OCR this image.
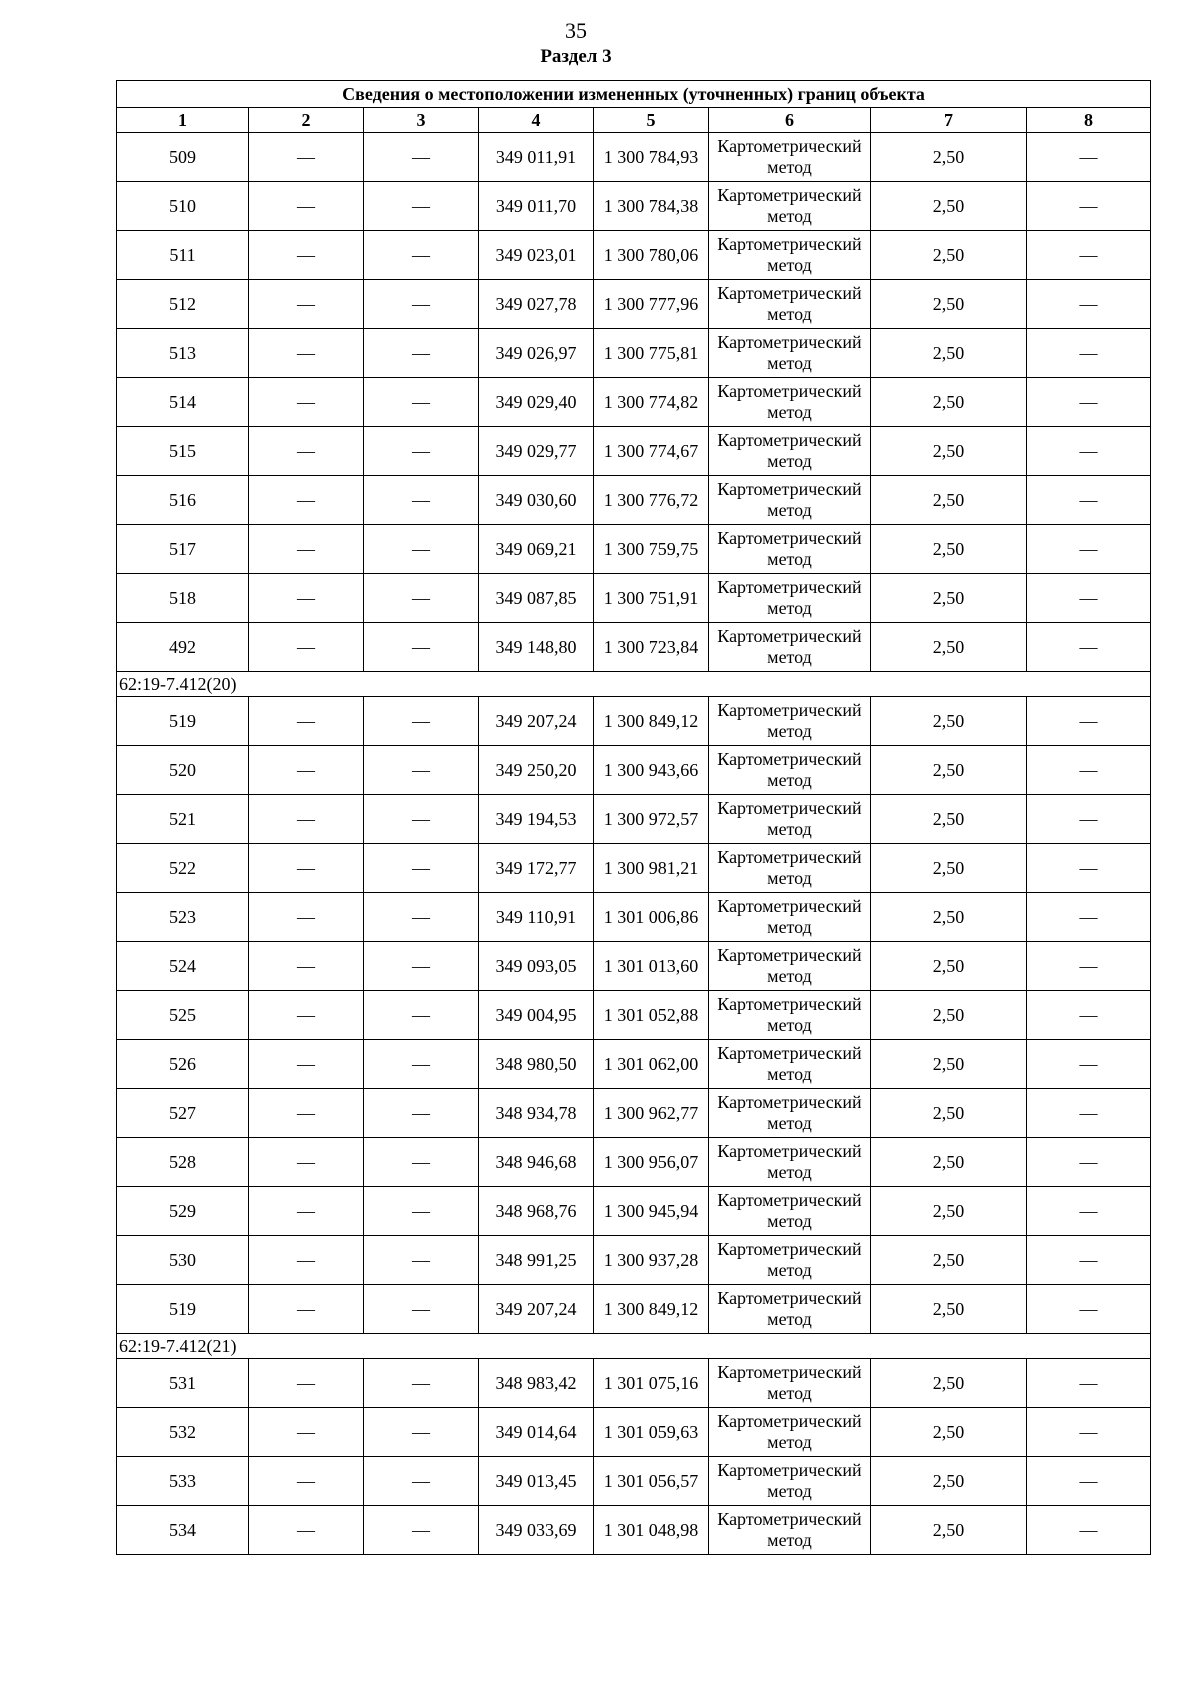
35
Раздел 3
Сведения о местоположении измененных (уточненных) границ объекта							
1	2	3	4	5	6	7	8
509	—	—	349 011,91	1 300 784,93	Картометрический метод	2,50	—
510	—	—	349 011,70	1 300 784,38	Картометрический метод	2,50	—
511	—	—	349 023,01	1 300 780,06	Картометрический метод	2,50	—
512	—	—	349 027,78	1 300 777,96	Картометрический метод	2,50	—
513	—	—	349 026,97	1 300 775,81	Картометрический метод	2,50	—
514	—	—	349 029,40	1 300 774,82	Картометрический метод	2,50	—
515	—	—	349 029,77	1 300 774,67	Картометрический метод	2,50	—
516	—	—	349 030,60	1 300 776,72	Картометрический метод	2,50	—
517	—	—	349 069,21	1 300 759,75	Картометрический метод	2,50	—
518	—	—	349 087,85	1 300 751,91	Картометрический метод	2,50	—
492	—	—	349 148,80	1 300 723,84	Картометрический метод	2,50	—
62:19-7.412(20)							
519	—	—	349 207,24	1 300 849,12	Картометрический метод	2,50	—
520	—	—	349 250,20	1 300 943,66	Картометрический метод	2,50	—
521	—	—	349 194,53	1 300 972,57	Картометрический метод	2,50	—
522	—	—	349 172,77	1 300 981,21	Картометрический метод	2,50	—
523	—	—	349 110,91	1 301 006,86	Картометрический метод	2,50	—
524	—	—	349 093,05	1 301 013,60	Картометрический метод	2,50	—
525	—	—	349 004,95	1 301 052,88	Картометрический метод	2,50	—
526	—	—	348 980,50	1 301 062,00	Картометрический метод	2,50	—
527	—	—	348 934,78	1 300 962,77	Картометрический метод	2,50	—
528	—	—	348 946,68	1 300 956,07	Картометрический метод	2,50	—
529	—	—	348 968,76	1 300 945,94	Картометрический метод	2,50	—
530	—	—	348 991,25	1 300 937,28	Картометрический метод	2,50	—
519	—	—	349 207,24	1 300 849,12	Картометрический метод	2,50	—
62:19-7.412(21)							
531	—	—	348 983,42	1 301 075,16	Картометрический метод	2,50	—
532	—	—	349 014,64	1 301 059,63	Картометрический метод	2,50	—
533	—	—	349 013,45	1 301 056,57	Картометрический метод	2,50	—
534	—	—	349 033,69	1 301 048,98	Картометрический метод	2,50	—
